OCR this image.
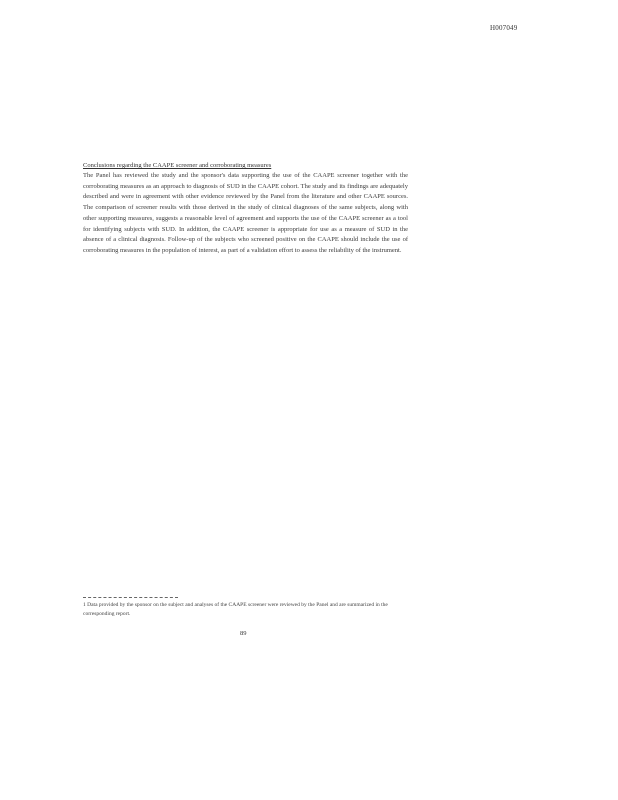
H007049

Conclusions regarding the CAAPE screener and corroborating measures

The Panel has reviewed the study and the sponsor's data supporting the use of the CAAPE screener together with the corroborating measures as an approach to diagnosis of SUD in the CAAPE cohort. The study and its findings are adequately described and were in agreement with other evidence reviewed by the Panel from the literature and other CAAPE sources. The comparison of screener results with those derived in the study of clinical diagnoses of the same subjects, along with other supporting measures, suggests a reasonable level of agreement and supports the use of the CAAPE screener as a tool for identifying subjects with SUD. In addition, the CAAPE screener is appropriate for use as a measure of SUD in the absence of a clinical diagnosis. Follow-up of the subjects who screened positive on the CAAPE should include the use of corroborating measures in the population of interest, as part of a validation effort to assess the reliability of the instrument.

1 Data provided by the sponsor on the subject and analyses of the CAAPE screener were reviewed by the Panel and are summarized in the corresponding report.

89
